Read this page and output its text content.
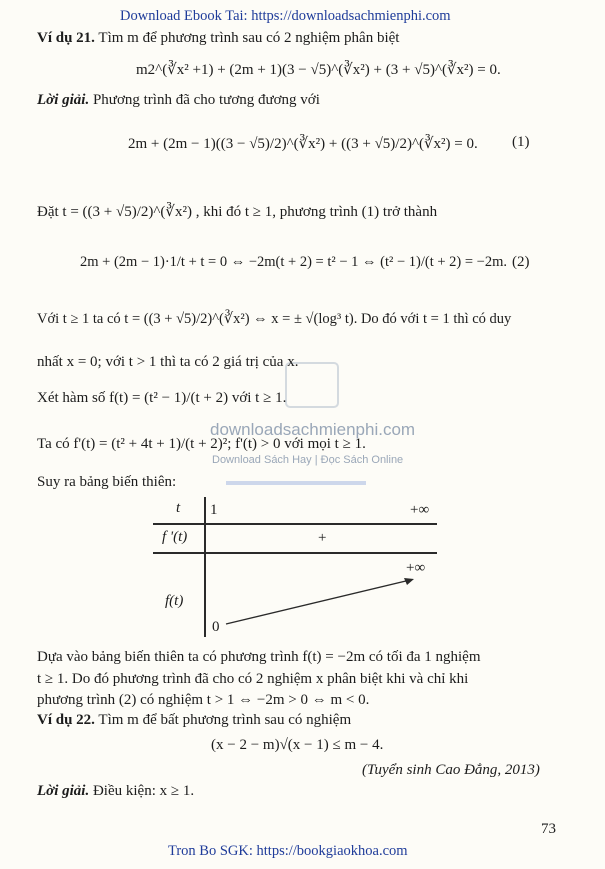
Download Ebook Tai: https://downloadsachmienphi.com
Tron Bo SGK: https://bookgiaokhoa.com
73
downloadsachmienphi.com
Download Sách Hay | Đọc Sách Online
Ví dụ 21. Tìm m để phương trình sau có 2 nghiệm phân biệt
m2^(∛x² +1) + (2m + 1)(3 − √5)^(∛x²) + (3 + √5)^(∛x²) = 0.
Lời giải. Phương trình đã cho tương đương với
2m + (2m − 1)((3 − √5)/2)^(∛x²) + ((3 + √5)/2)^(∛x²) = 0. (1)
Đặt t = ((3 + √5)/2)^(∛x²) , khi đó t ≥ 1, phương trình (1) trở thành
2m + (2m − 1)·1/t + t = 0 ⇔ −2m(t + 2) = t² − 1 ⇔ (t² − 1)/(t + 2) = −2m. (2)
Với t ≥ 1 ta có t = ((3 + √5)/2)^(∛x²) ⇔ x = ± √(log³ t). Do đó với t = 1 thì có duy
nhất x = 0; với t > 1 thì ta có 2 giá trị của x.
Xét hàm số f(t) = (t² − 1)/(t + 2) với t ≥ 1.
Ta có f'(t) = (t² + 4t + 1)/(t + 2)²; f'(t) > 0 với mọi t ≥ 1.
Suy ra bảng biến thiên:
t 1	+∞
f '(t)	+
f(t)
+∞
0
Dựa vào bảng biến thiên ta có phương trình f(t) = −2m có tối đa 1 nghiệm
t ≥ 1. Do đó phương trình đã cho có 2 nghiệm x phân biệt khi và chỉ khi
phương trình (2) có nghiệm t > 1 ⇔ −2m > 0 ⇔ m < 0.
Ví dụ 22. Tìm m để bất phương trình sau có nghiệm
(x − 2 − m)√(x − 1) ≤ m − 4.
(Tuyển sinh Cao Đẳng, 2013)
Lời giải. Điều kiện: x ≥ 1.
